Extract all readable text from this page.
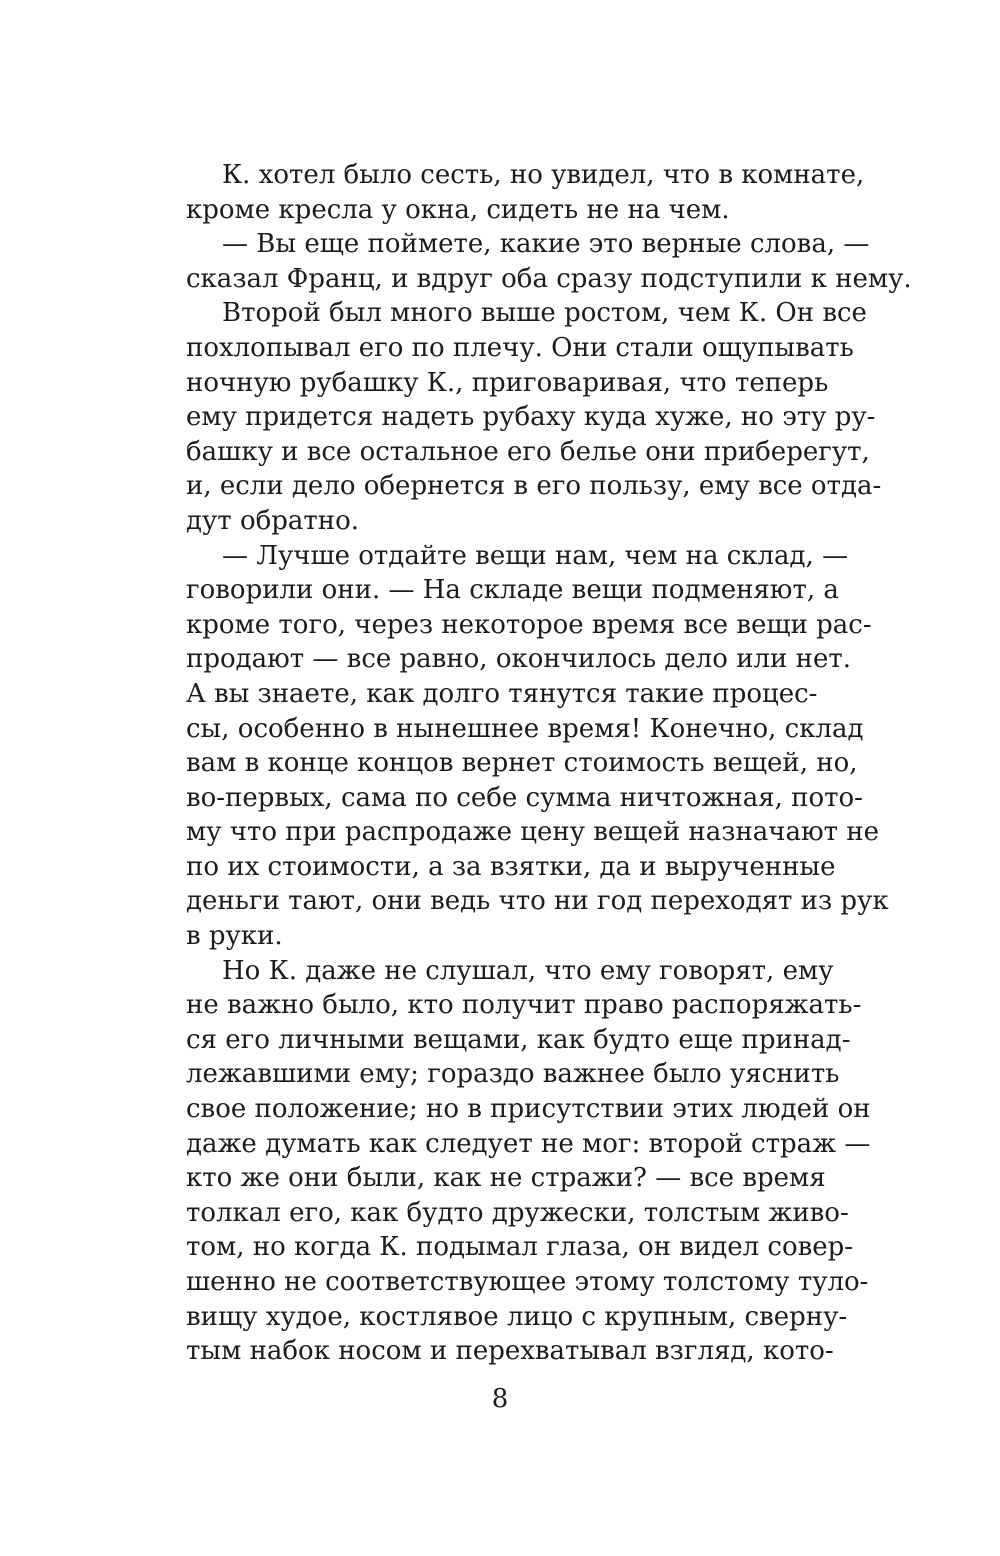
К. хотел было сесть, но увидел, что в комнате,
кроме кресла у окна, сидеть не на чем.
— Вы еще поймете, какие это верные слова, —
сказал Франц, и вдруг оба сразу подступили к нему.
Второй был много выше ростом, чем К. Он все
похлопывал его по плечу. Они стали ощупывать
ночную рубашку К., приговаривая, что теперь
ему придется надеть рубаху куда хуже, но эту ру-
башку и все остальное его белье они приберегут,
и, если дело обернется в его пользу, ему все отда-
дут обратно.
— Лучше отдайте вещи нам, чем на склад, —
говорили они. — На складе вещи подменяют, а
кроме того, через некоторое время все вещи рас-
продают — все равно, окончилось дело или нет.
А вы знаете, как долго тянутся такие процес-
сы, особенно в нынешнее время! Конечно, склад
вам в конце концов вернет стоимость вещей, но,
во-первых, сама по себе сумма ничтожная, пото-
му что при распродаже цену вещей назначают не
по их стоимости, а за взятки, да и вырученные
деньги тают, они ведь что ни год переходят из рук
в руки.
Но К. даже не слушал, что ему говорят, ему
не важно было, кто получит право распоряжать-
ся его личными вещами, как будто еще принад-
лежавшими ему; гораздо важнее было уяснить
свое положение; но в присутствии этих людей он
даже думать как следует не мог: второй страж —
кто же они были, как не стражи? — все время
толкал его, как будто дружески, толстым живо-
том, но когда К. подымал глаза, он видел совер-
шенно не соответствующее этому толстому туло-
вищу худое, костлявое лицо с крупным, сверну-
тым набок носом и перехватывал взгляд, кото-
8
